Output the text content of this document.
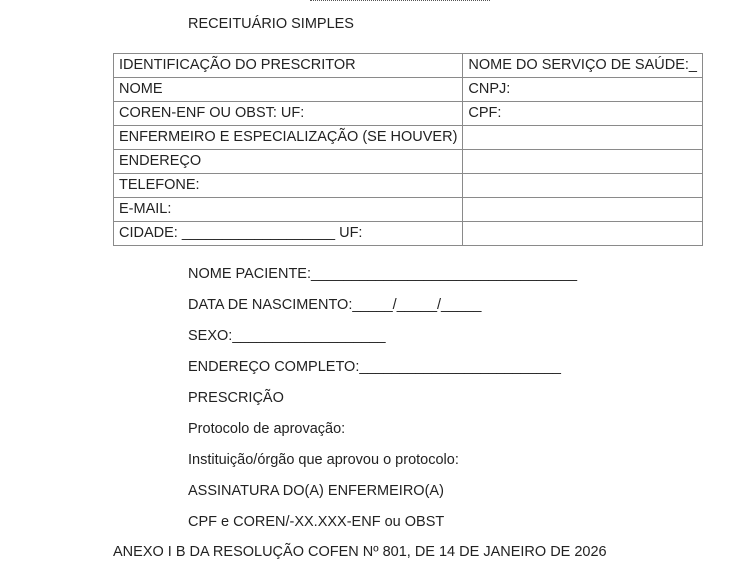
RECEITUÁRIO SIMPLES
IDENTIFICAÇÃO DO PRESCRITOR	NOME DO SERVIÇO DE SAÚDE:_
NOME	CNPJ:
COREN-ENF OU OBST: UF:	CPF:
ENFERMEIRO E ESPECIALIZAÇÃO (SE HOUVER)	
ENDEREÇO	
TELEFONE:	
E-MAIL:	
CIDADE: ___________________ UF:	
NOME PACIENTE:_________________________________
DATA DE NASCIMENTO:_____/_____/_____
SEXO:___________________
ENDEREÇO COMPLETO:_________________________
PRESCRIÇÃO
Protocolo de aprovação:
Instituição/órgão que aprovou o protocolo:
ASSINATURA DO(A) ENFERMEIRO(A)
CPF e COREN/-XX.XXX-ENF ou OBST
ANEXO I B DA RESOLUÇÃO COFEN Nº 801, DE 14 DE JANEIRO DE 2026
